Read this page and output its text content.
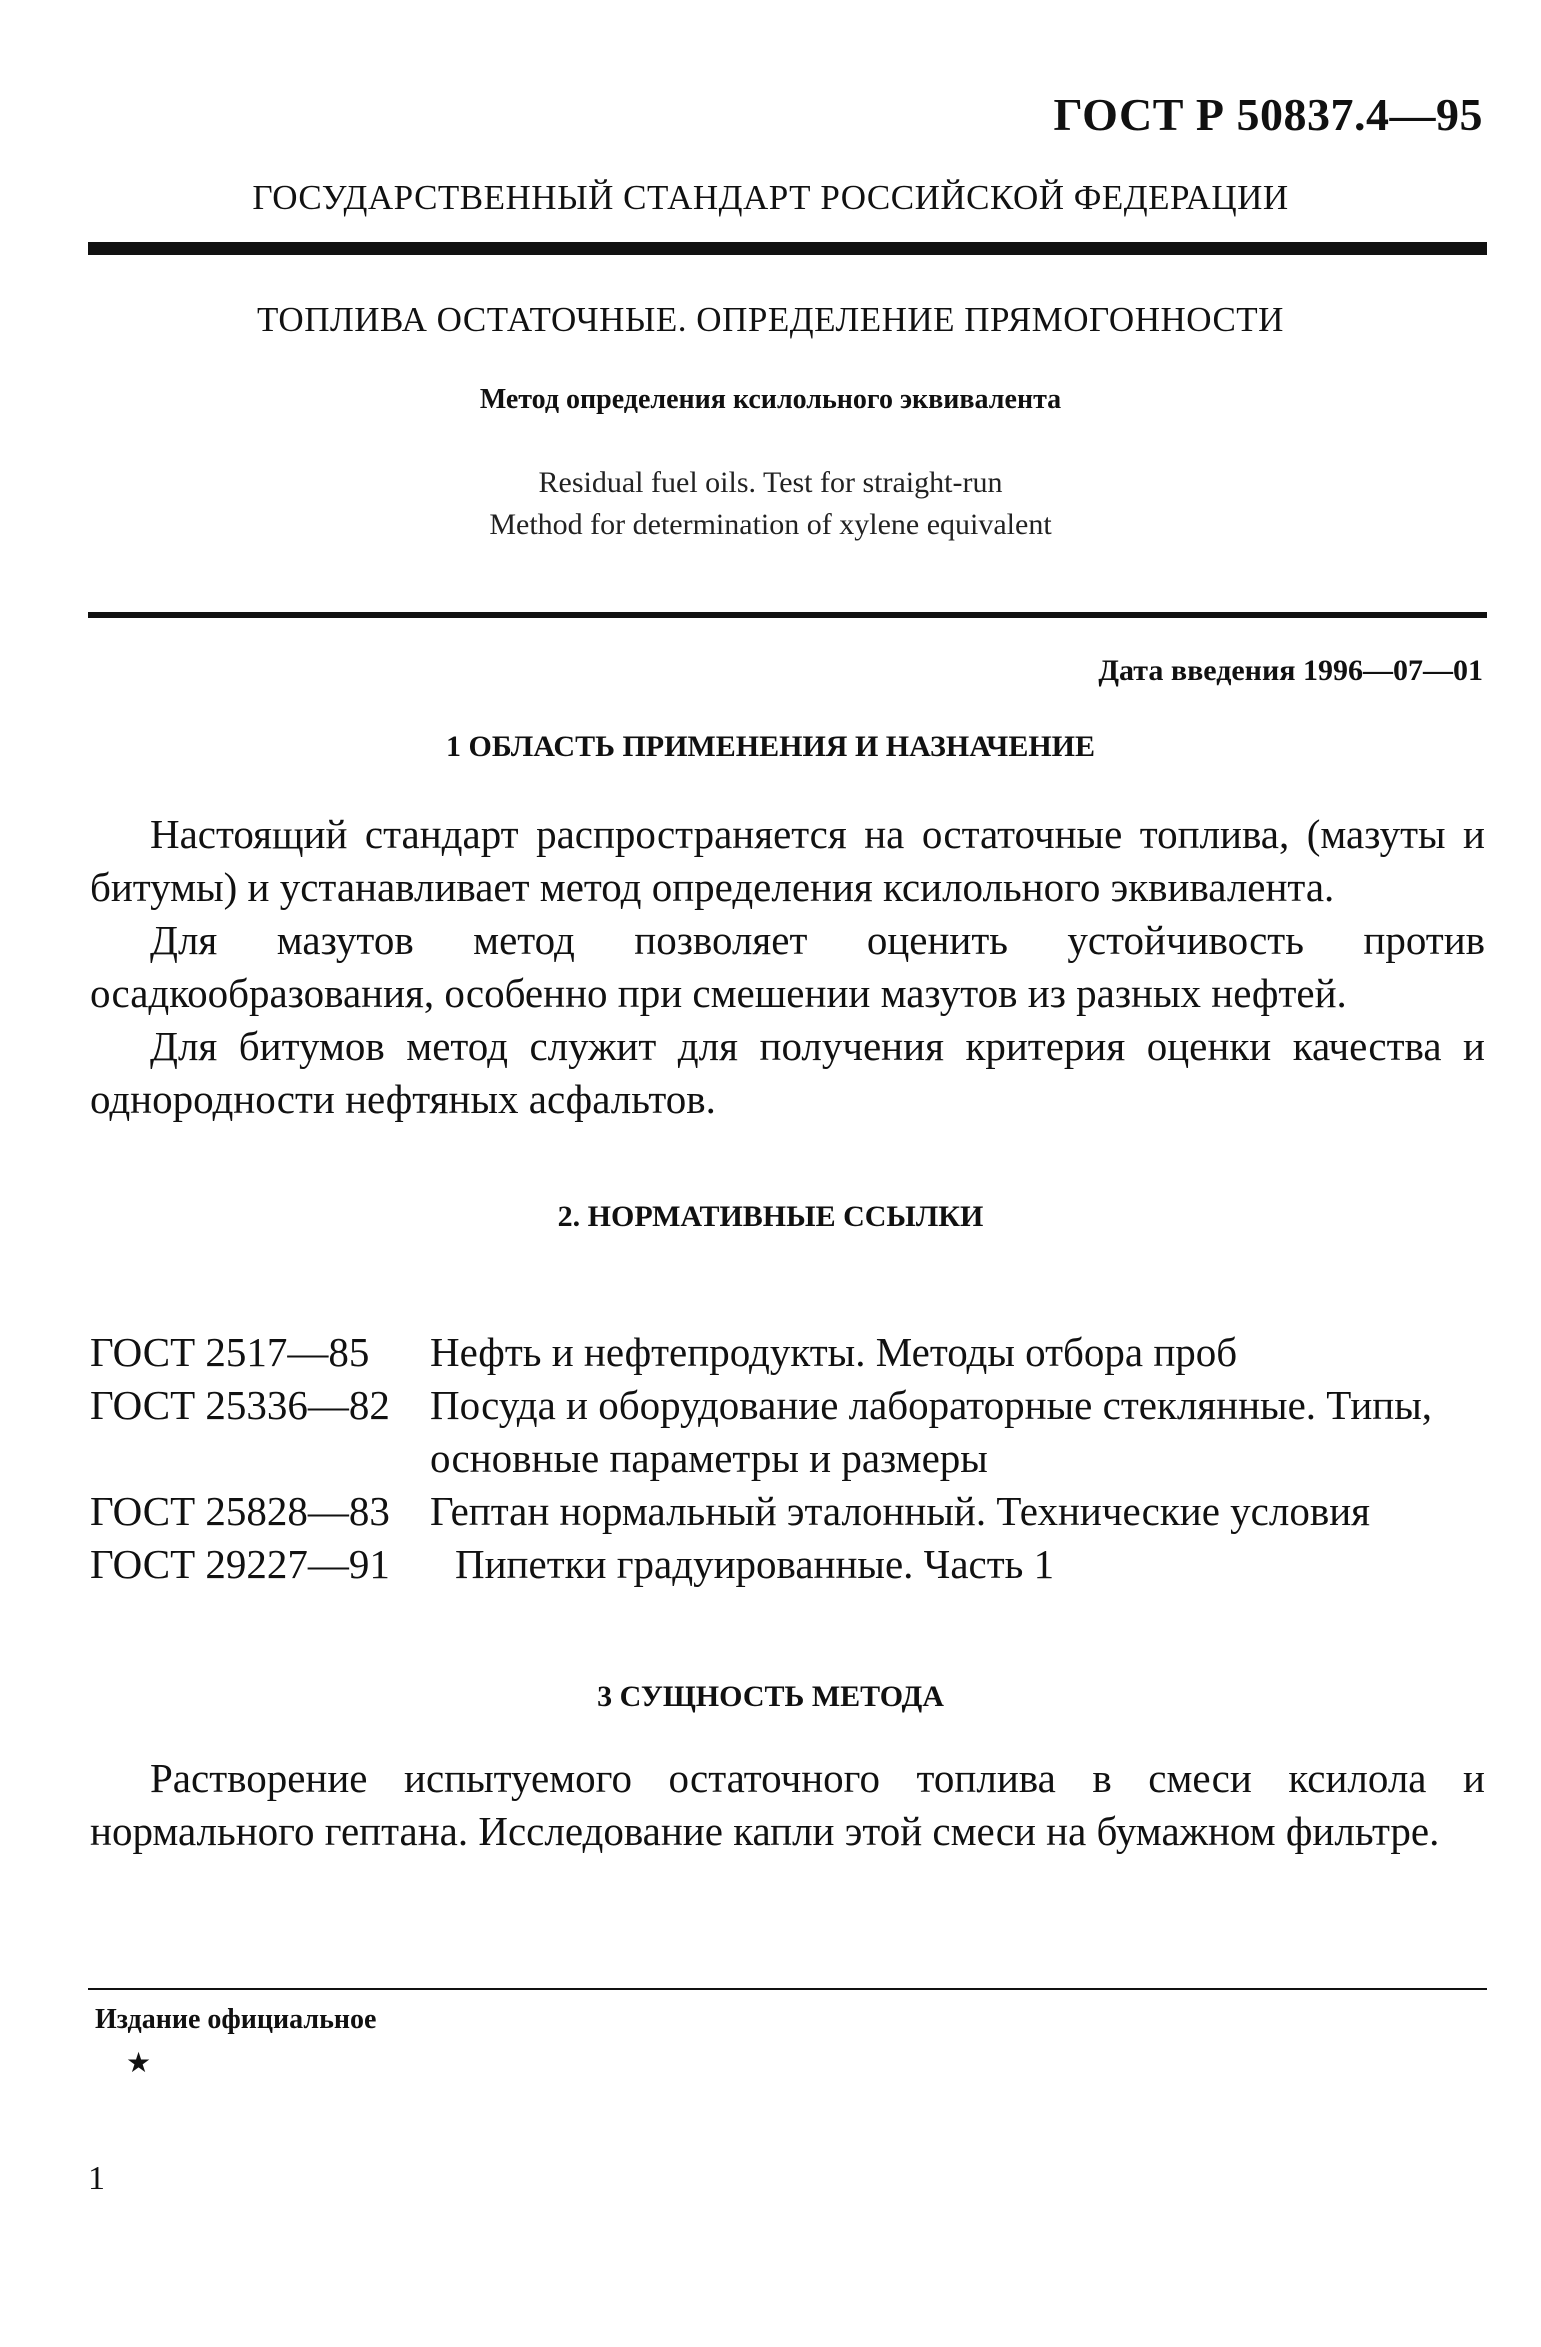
ГОСТ Р 50837.4—95
ГОСУДАРСТВЕННЫЙ СТАНДАРТ РОССИЙСКОЙ ФЕДЕРАЦИИ
ТОПЛИВА ОСТАТОЧНЫЕ. ОПРЕДЕЛЕНИЕ ПРЯМОГОННОСТИ
Метод определения ксилольного эквивалента
Residual fuel oils. Test for straight-run
Method for determination of xylene equivalent
Дата введения 1996—07—01
1 ОБЛАСТЬ ПРИМЕНЕНИЯ И НАЗНАЧЕНИЕ

Настоящий стандарт распространяется на остаточные топлива, (мазуты и битумы) и устанавливает метод определения ксилольного эквивалента.

Для мазутов метод позволяет оценить устойчивость против осадкообразования, особенно при смешении мазутов из разных нефтей.

Для битумов метод служит для получения критерия оценки качества и однородности нефтяных асфальтов.

2. НОРМАТИВНЫЕ ССЫЛКИ
ГОСТ 2517—85	Нефть и нефтепродукты. Методы отбора проб
ГОСТ 25336—82 Посуда и оборудование лабораторные стеклянные. Типы, основные параметры и размеры
ГОСТ 25828—83 Гептан нормальный эталонный. Технические условия
ГОСТ 29227—91	Пипетки градуированные. Часть 1
3 СУЩНОСТЬ МЕТОДА

Растворение испытуемого остаточного топлива в смеси ксилола и нормального гептана. Исследование капли этой смеси на бумажном фильтре.

Издание официальное
★
1
